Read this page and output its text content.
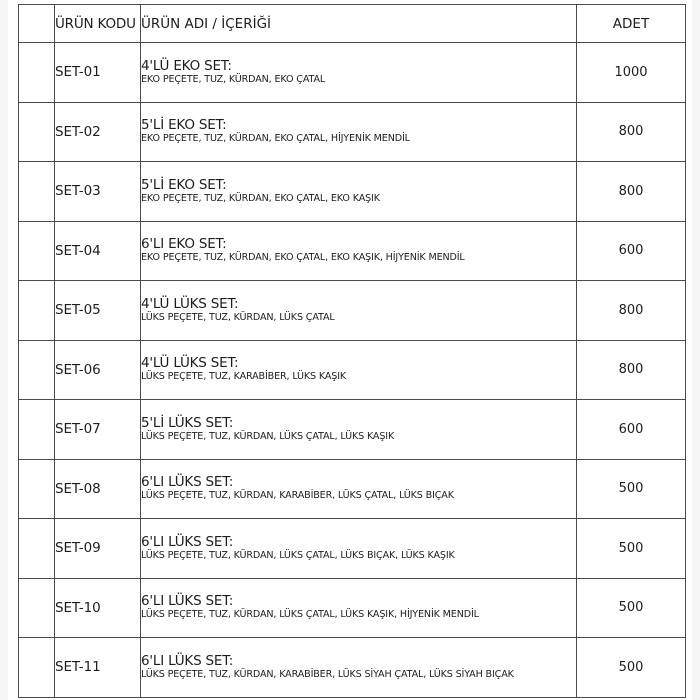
	ÜRÜN KODU	ÜRÜN ADI / İÇERİĞİ	ADET
	SET-01	4'LÜ EKO SET:
EKO PEÇETE, TUZ, KÜRDAN, EKO ÇATAL	1000
	SET-02	5'Lİ EKO SET:
EKO PEÇETE, TUZ, KÜRDAN, EKO ÇATAL, HİJYENİK MENDİL	800
	SET-03	5'Lİ EKO SET:
EKO PEÇETE, TUZ, KÜRDAN, EKO ÇATAL, EKO KAŞIK	800
	SET-04	6'LI EKO SET:
EKO PEÇETE, TUZ, KÜRDAN, EKO ÇATAL, EKO KAŞIK, HİJYENİK MENDİL	600
	SET-05	4'LÜ LÜKS SET:
LÜKS PEÇETE, TUZ, KÜRDAN, LÜKS ÇATAL	800
	SET-06	4'LÜ LÜKS SET:
LÜKS PEÇETE, TUZ, KARABİBER, LÜKS KAŞIK	800
	SET-07	5'Lİ LÜKS SET:
LÜKS PEÇETE, TUZ, KÜRDAN, LÜKS ÇATAL, LÜKS KAŞIK	600
	SET-08	6'LI LÜKS SET:
LÜKS PEÇETE, TUZ, KÜRDAN, KARABİBER, LÜKS ÇATAL, LÜKS BIÇAK	500
	SET-09	6'LI LÜKS SET:
LÜKS PEÇETE, TUZ, KÜRDAN, LÜKS ÇATAL, LÜKS BIÇAK, LÜKS KAŞIK	500
	SET-10	6'LI LÜKS SET:
LÜKS PEÇETE, TUZ, KÜRDAN, LÜKS ÇATAL, LÜKS KAŞIK, HİJYENİK MENDİL	500
	SET-11	6'LI LÜKS SET:
LÜKS PEÇETE, TUZ, KÜRDAN, KARABİBER, LÜKS SİYAH ÇATAL, LÜKS SİYAH BIÇAK	500
